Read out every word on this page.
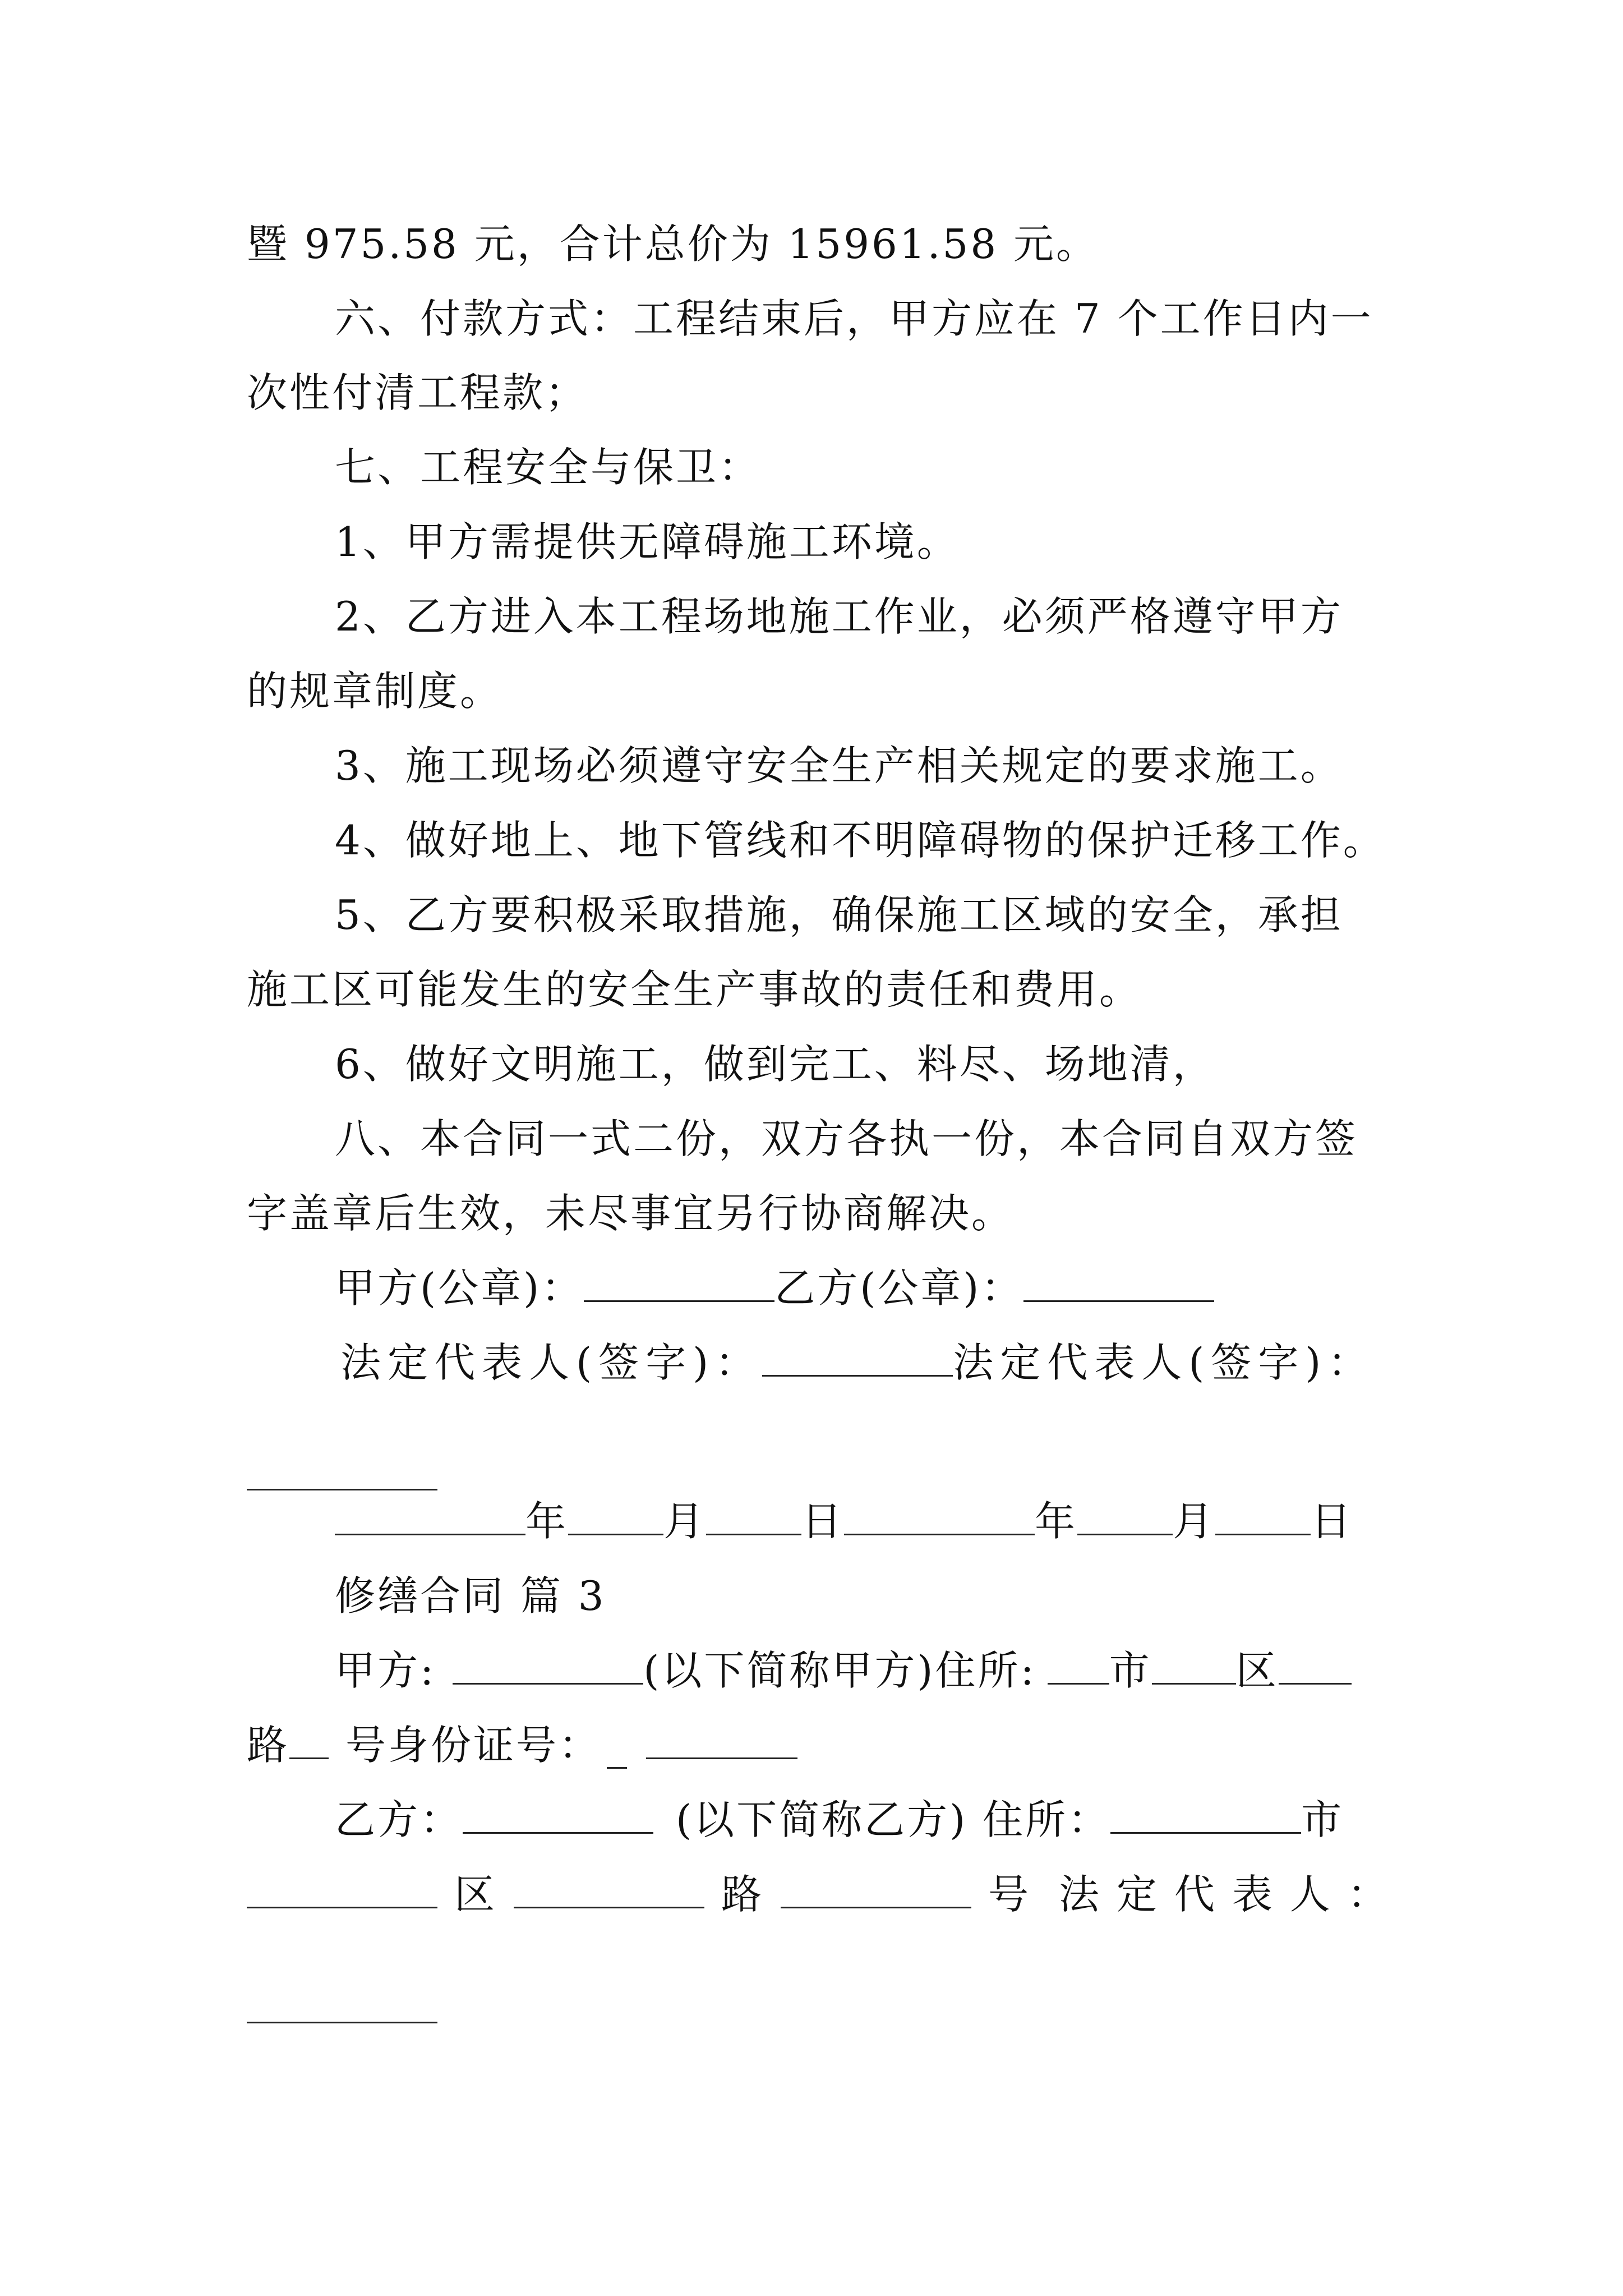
暨 975.58 元，合计总价为 15961.58 元。
六、付款方式：工程结束后，甲方应在 7 个工作日内一
次性付清工程款；
七、工程安全与保卫：
1、甲方需提供无障碍施工环境。
2、乙方进入本工程场地施工作业，必须严格遵守甲方
的规章制度。
3、施工现场必须遵守安全生产相关规定的要求施工。
4、做好地上、地下管线和不明障碍物的保护迁移工作。
5、乙方要积极采取措施，确保施工区域的安全，承担
施工区可能发生的安全生产事故的责任和费用。
6、做好文明施工，做到完工、料尽、场地清，
八、本合同一式二份，双方各执一份，本合同自双方签
字盖章后生效，未尽事宜另行协商解决。
甲方(公章)：	乙方(公章)：
法定代表人(签字)：	法定代表人(签字)：
年 月 日	年 月 日
修缮合同 篇 3
甲方:	(以下简称甲方)住所: 市 区
路 号身份证号： _
乙方：	(以下简称乙方) 住所：	市
区	路	号 法 定 代 表 人 ：
